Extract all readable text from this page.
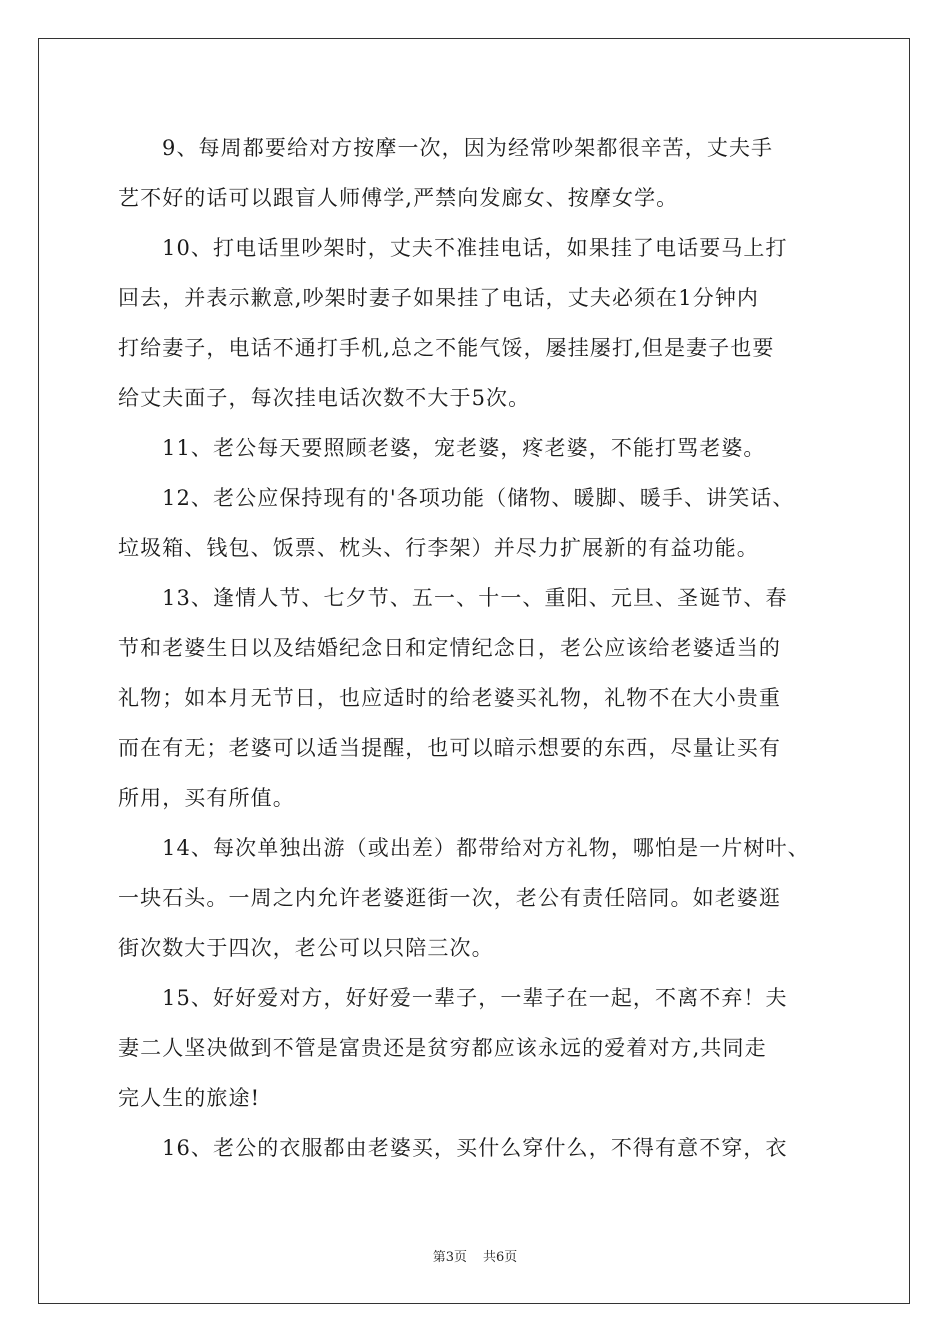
9、每周都要给对方按摩一次，因为经常吵架都很辛苦，丈夫手
艺不好的话可以跟盲人师傅学,严禁向发廊女、按摩女学。
10、打电话里吵架时，丈夫不准挂电话，如果挂了电话要马上打
回去，并表示歉意,吵架时妻子如果挂了电话，丈夫必须在1分钟内
打给妻子，电话不通打手机,总之不能气馁，屡挂屡打,但是妻子也要
给丈夫面子，每次挂电话次数不大于5次。
11、老公每天要照顾老婆，宠老婆，疼老婆，不能打骂老婆。
12、老公应保持现有的'各项功能（储物、暖脚、暖手、讲笑话、
垃圾箱、钱包、饭票、枕头、行李架）并尽力扩展新的有益功能。
13、逢情人节、七夕节、五一、十一、重阳、元旦、圣诞节、春
节和老婆生日以及结婚纪念日和定情纪念日，老公应该给老婆适当的
礼物；如本月无节日，也应适时的给老婆买礼物，礼物不在大小贵重
而在有无；老婆可以适当提醒，也可以暗示想要的东西，尽量让买有
所用，买有所值。
14、每次单独出游（或出差）都带给对方礼物，哪怕是一片树叶、
一块石头。一周之内允许老婆逛街一次，老公有责任陪同。如老婆逛
街次数大于四次，老公可以只陪三次。
15、好好爱对方，好好爱一辈子，一辈子在一起，不离不弃！夫
妻二人坚决做到不管是富贵还是贫穷都应该永远的爱着对方,共同走
完人生的旅途!
16、老公的衣服都由老婆买，买什么穿什么，不得有意不穿，衣
第3页 共6页
